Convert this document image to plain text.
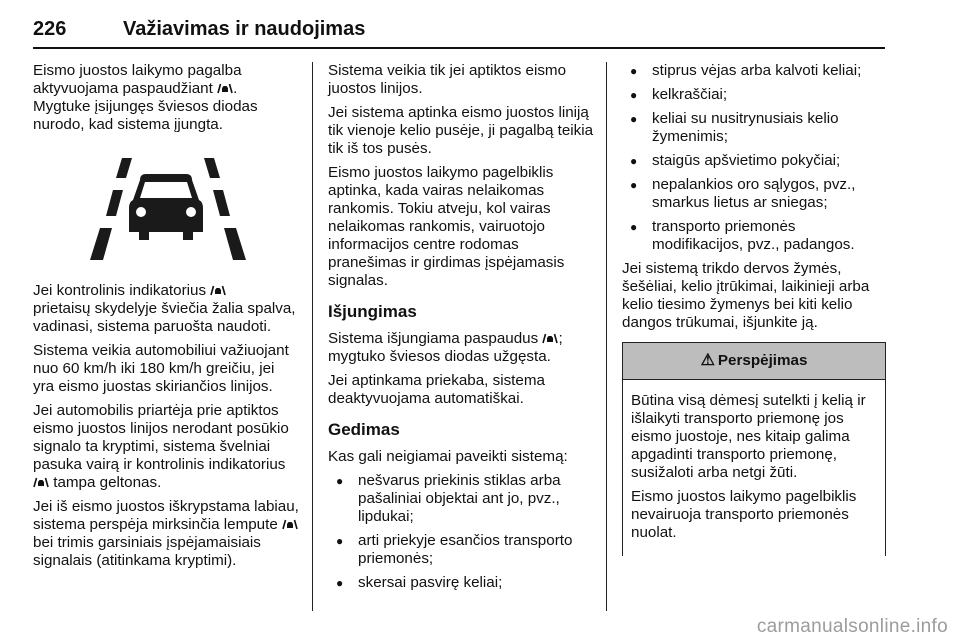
226	Važiavimas ir naudojimas

Eismo juostos laikymo pagalba aktyvuojama paspaudžiant .
Mygtuke įsijungęs šviesos diodas nurodo, kad sistema įjungta.

Jei kontrolinis indikatorius
prietaisų skydelyje šviečia žalia spalva, vadinasi, sistema paruošta naudoti.

Sistema veikia automobiliui važiuojant nuo 60 km/h iki 180 km/h greičiu, jei yra eismo juostas skiriančios linijos.

Jei automobilis priartėja prie aptiktos eismo juostos linijos nerodant posūkio signalo ta kryptimi, sistema švelniai pasuka vairą ir kontrolinis indikatorius  tampa geltonas.

Jei iš eismo juostos iškrypstama labiau, sistema perspėja mirksinčia lempute  bei trimis garsiniais įspėjamaisiais signalais (atitinkama kryptimi).

Sistema veikia tik jei aptiktos eismo juostos linijos.

Jei sistema aptinka eismo juostos liniją tik vienoje kelio pusėje, ji pagalbą teikia tik iš tos pusės.

Eismo juostos laikymo pagelbiklis aptinka, kada vairas nelaikomas rankomis. Tokiu atveju, kol vairas nelaikomas rankomis, vairuotojo informacijos centre rodomas pranešimas ir girdimas įspėjamasis signalas.

Išjungimas

Sistema išjungiama paspaudus ; mygtuko šviesos diodas užgęsta.

Jei aptinkama priekaba, sistema deaktyvuojama automatiškai.

Gedimas

Kas gali neigiamai paveikti sistemą:

● nešvarus priekinis stiklas arba pašaliniai objektai ant jo, pvz., lipdukai;
● arti priekyje esančios transporto priemonės;
● skersai pasvirę keliai;
● stiprus vėjas arba kalvoti keliai;
● kelkraščiai;
● keliai su nusitrynusiais kelio žymenimis;
● staigūs apšvietimo pokyčiai;
● nepalankios oro sąlygos, pvz., smarkus lietus ar sniegas;
● transporto priemonės modifikacijos, pvz., padangos.

Jei sistemą trikdo dervos žymės, šešėliai, kelio įtrūkimai, laikinieji arba kelio tiesimo žymenys bei kiti kelio dangos trūkumai, išjunkite ją.

⚠ Perspėjimas

Būtina visą dėmesį sutelkti į kelią ir išlaikyti transporto priemonę jos eismo juostoje, nes kitaip galima apgadinti transporto priemonę, susižaloti arba netgi žūti.

Eismo juostos laikymo pagelbiklis nevairuoja transporto priemonės nuolat.

carmanualsonline.info
